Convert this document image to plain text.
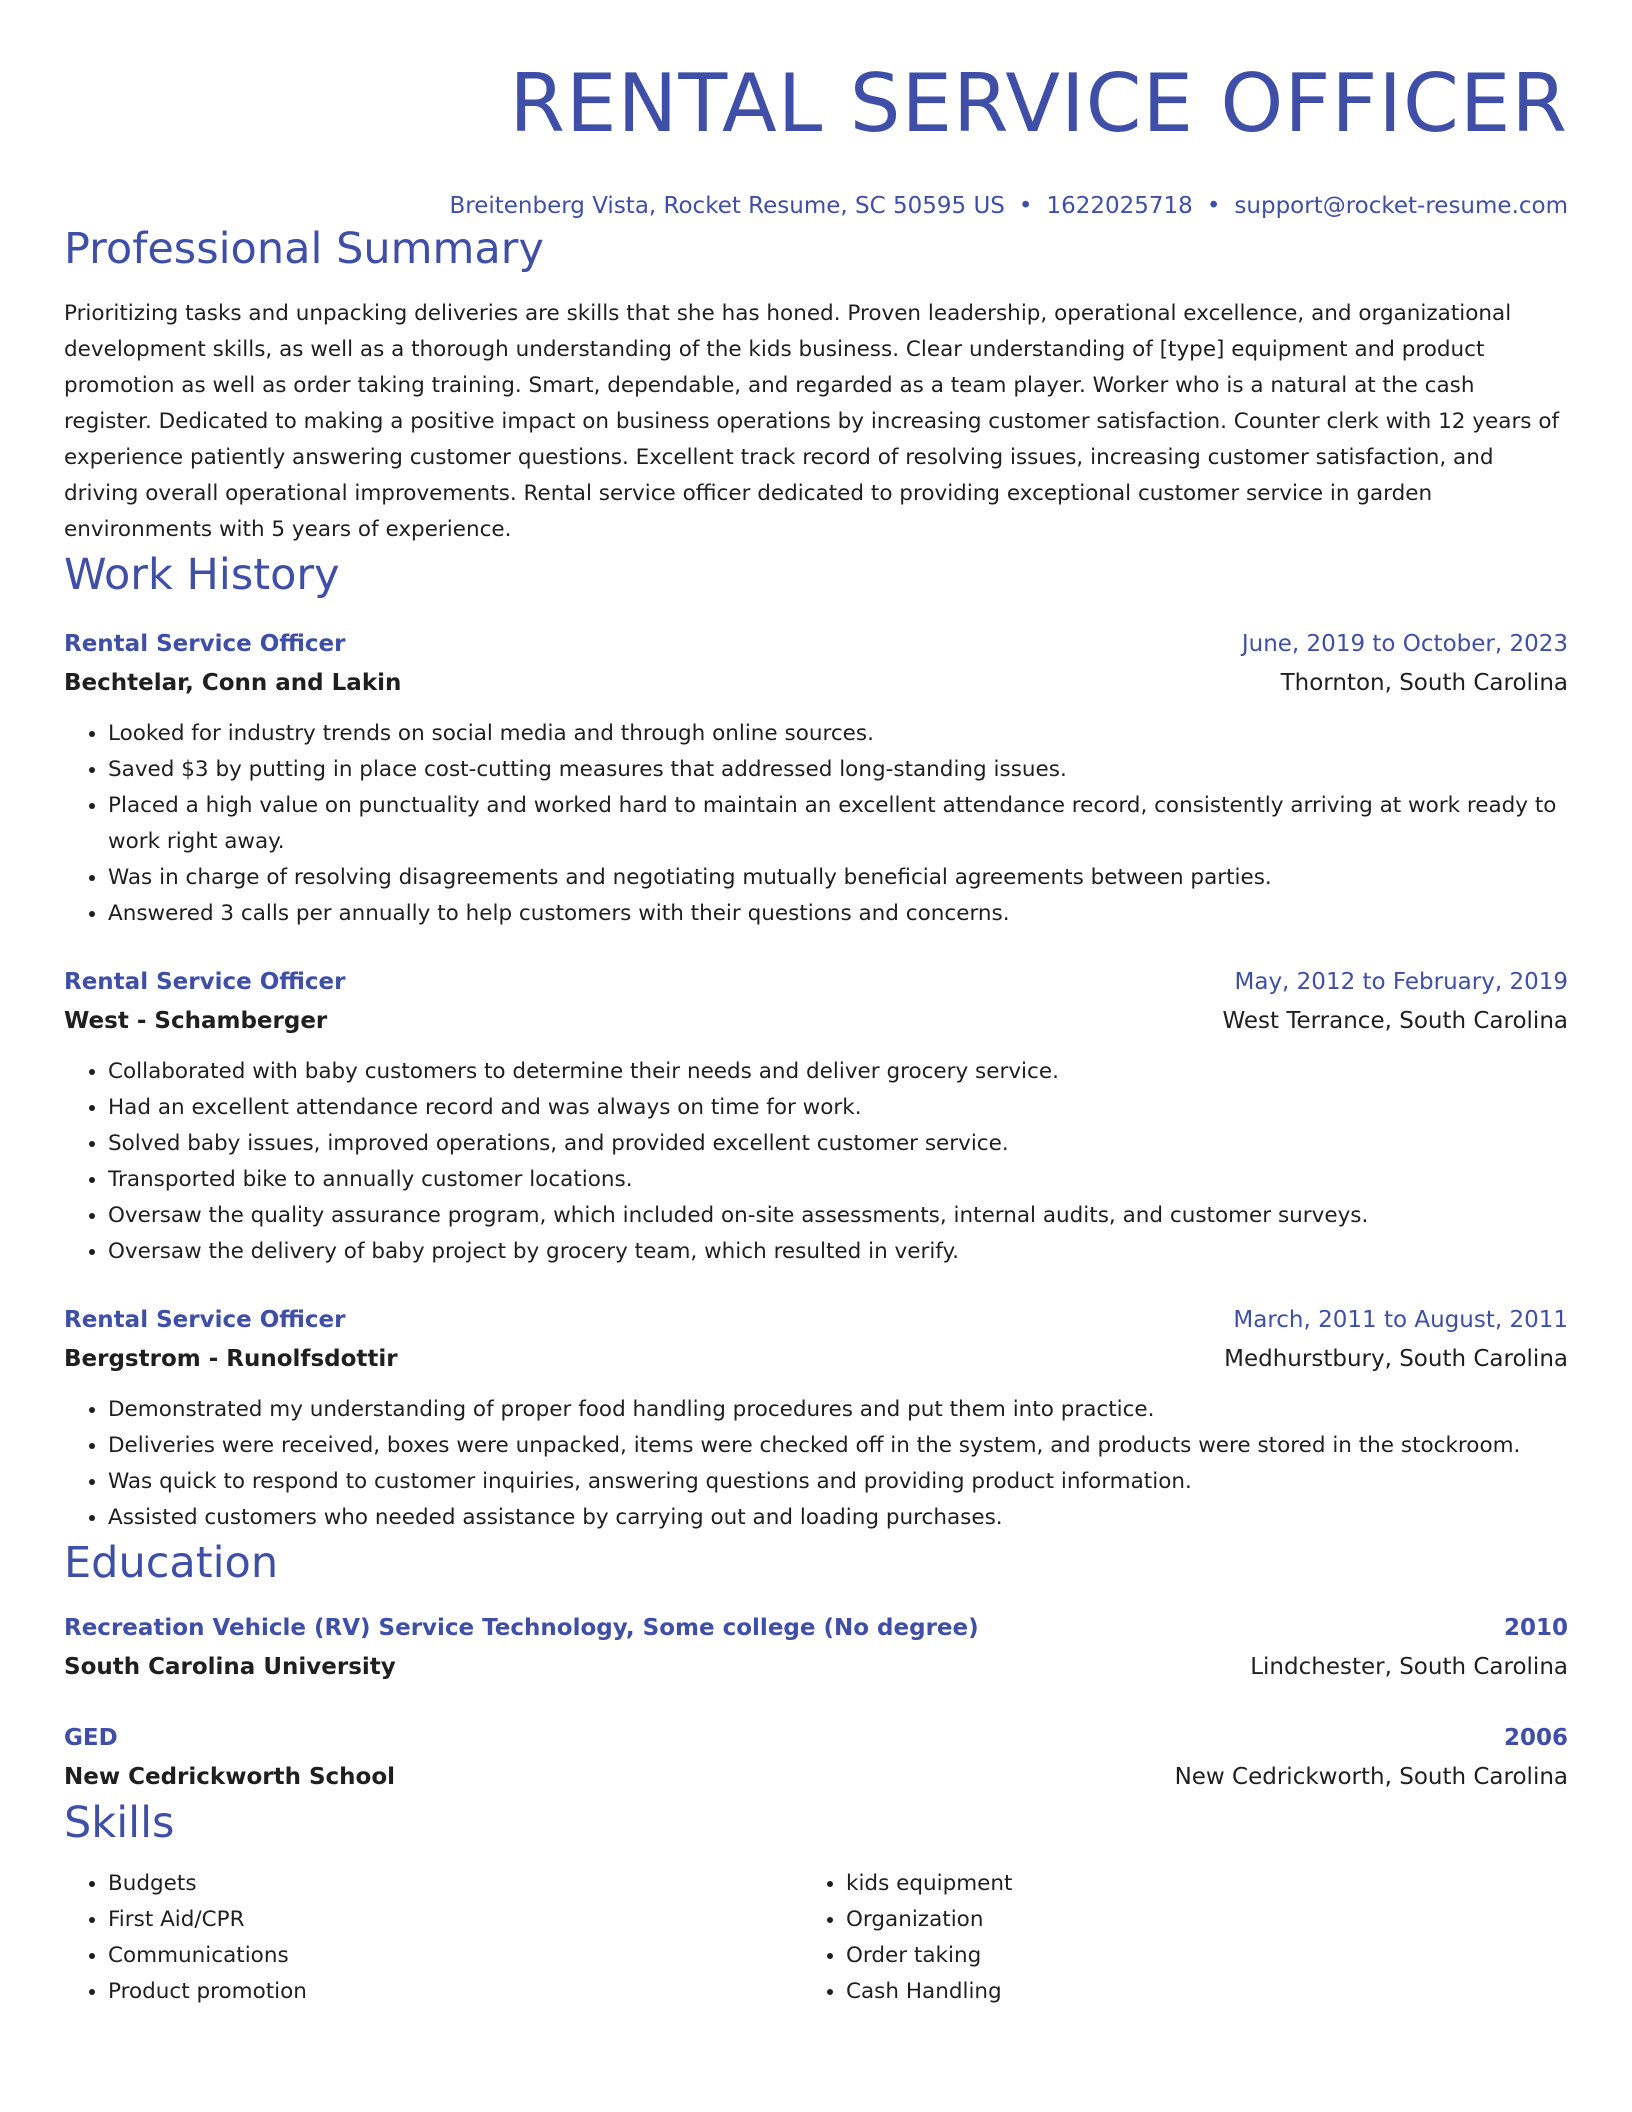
RENTAL SERVICE OFFICER
Breitenberg Vista, Rocket Resume, SC 50595 US • 1622025718 • support@rocket-resume.com
Professional Summary

Prioritizing tasks and unpacking deliveries are skills that she has honed. Proven leadership, operational excellence, and organizational development skills, as well as a thorough understanding of the kids business. Clear understanding of [type] equipment and product promotion as well as order taking training. Smart, dependable, and regarded as a team player. Worker who is a natural at the cash register. Dedicated to making a positive impact on business operations by increasing customer satisfaction. Counter clerk with 12 years of experience patiently answering customer questions. Excellent track record of resolving issues, increasing customer satisfaction, and driving overall operational improvements. Rental service officer dedicated to providing exceptional customer service in garden environments with 5 years of experience.

Work History
Rental Service Officer	June, 2019 to October, 2023
Bechtelar, Conn and Lakin	Thornton, South Carolina
• Looked for industry trends on social media and through online sources.
• Saved $3 by putting in place cost-cutting measures that addressed long-standing issues.
• Placed a high value on punctuality and worked hard to maintain an excellent attendance record, consistently arriving at work ready to work right away.
• Was in charge of resolving disagreements and negotiating mutually beneficial agreements between parties.
• Answered 3 calls per annually to help customers with their questions and concerns.
Rental Service Officer	May, 2012 to February, 2019
West - Schamberger	West Terrance, South Carolina
• Collaborated with baby customers to determine their needs and deliver grocery service.
• Had an excellent attendance record and was always on time for work.
• Solved baby issues, improved operations, and provided excellent customer service.
• Transported bike to annually customer locations.
• Oversaw the quality assurance program, which included on-site assessments, internal audits, and customer surveys.
• Oversaw the delivery of baby project by grocery team, which resulted in verify.
Rental Service Officer	March, 2011 to August, 2011
Bergstrom - Runolfsdottir	Medhurstbury, South Carolina
• Demonstrated my understanding of proper food handling procedures and put them into practice.
• Deliveries were received, boxes were unpacked, items were checked off in the system, and products were stored in the stockroom.
• Was quick to respond to customer inquiries, answering questions and providing product information.
• Assisted customers who needed assistance by carrying out and loading purchases.
Education
Recreation Vehicle (RV) Service Technology, Some college (No degree)	2010
South Carolina University	Lindchester, South Carolina
GED	2006
New Cedrickworth School	New Cedrickworth, South Carolina
Skills
• Budgets
• First Aid/CPR
• Communications
• Product promotion
• kids equipment
• Organization
• Order taking
• Cash Handling
